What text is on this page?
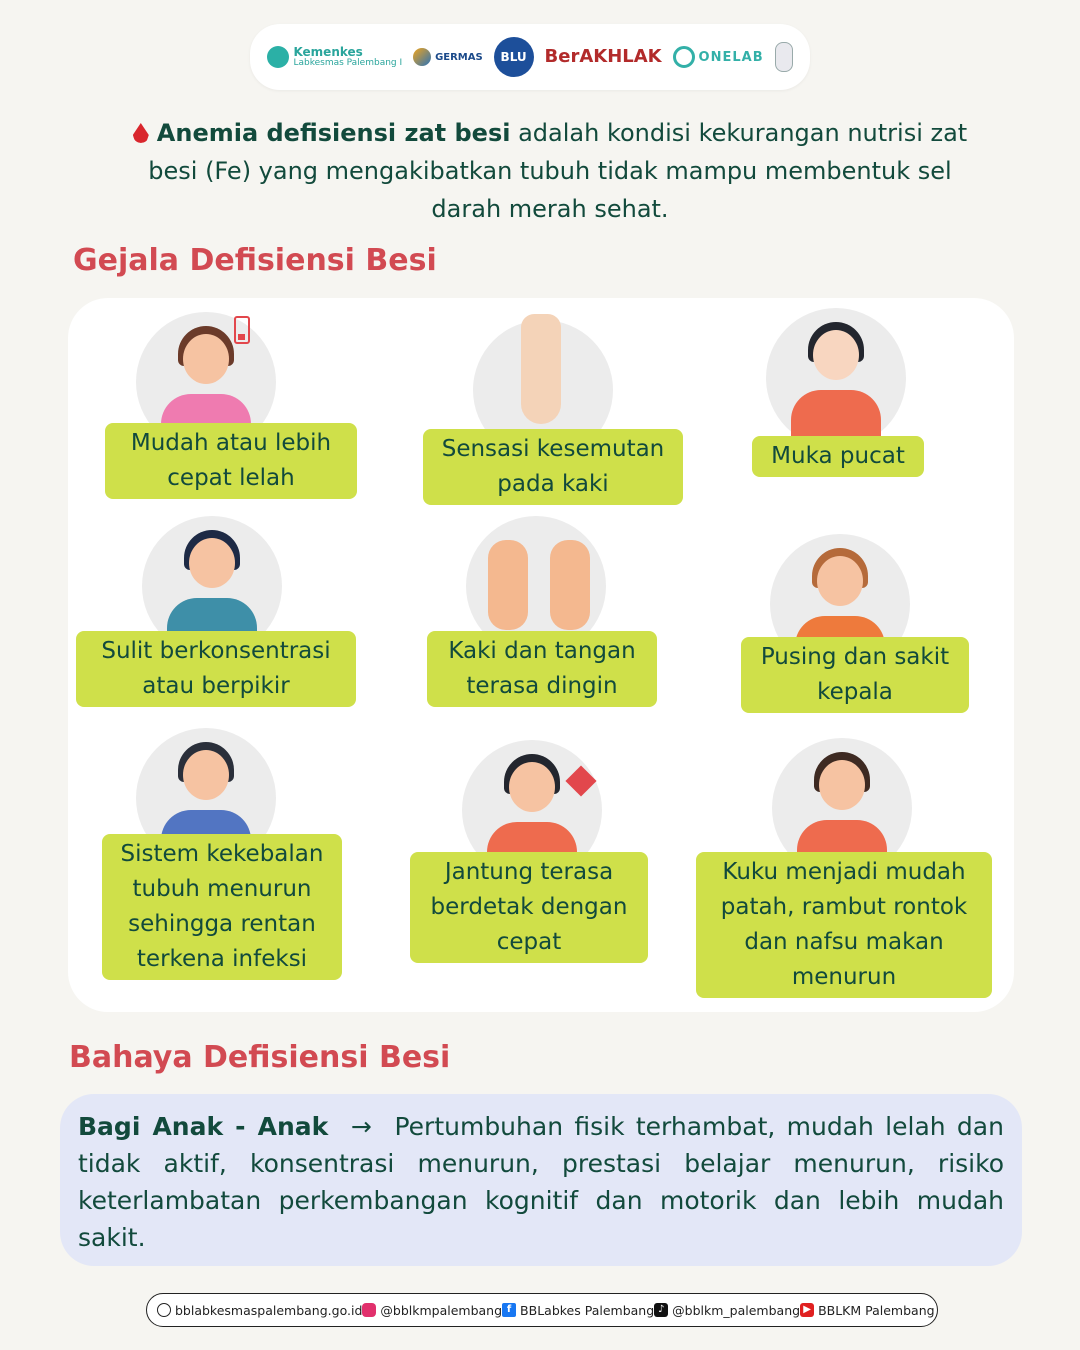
Kemenkes
Labkesmas Palembang I
GERMAS	BLU BerAKHLAK	ONELAB
Anemia defisiensi zat besi adalah kondisi kekurangan nutrisi zat besi (Fe) yang mengakibatkan tubuh tidak mampu membentuk sel darah merah sehat.
Gejala Defisiensi Besi
Mudah atau lebih
cepat lelah
Sensasi kesemutan
pada kaki
Muka pucat
Sulit berkonsentrasi
atau berpikir
Kaki dan tangan
terasa dingin
Pusing dan sakit
kepala
Sistem kekebalan
tubuh menurun
sehingga rentan
terkena infeksi
Jantung terasa
berdetak dengan
cepat
Kuku menjadi mudah
patah, rambut rontok
dan nafsu makan
menurun
Bahaya Defisiensi Besi
Bagi Anak - Anak → Pertumbuhan fisik terhambat, mudah lelah dan tidak aktif, konsentrasi menurun, prestasi belajar menurun, risiko keterlambatan perkembangan kognitif dan motorik dan lebih mudah sakit.
bblabkesmaspalembang.go.id @bblkmpalembang f BBLabkes Palembang ♪ @bblkm_palembang ▶ BBLKM Palembang
